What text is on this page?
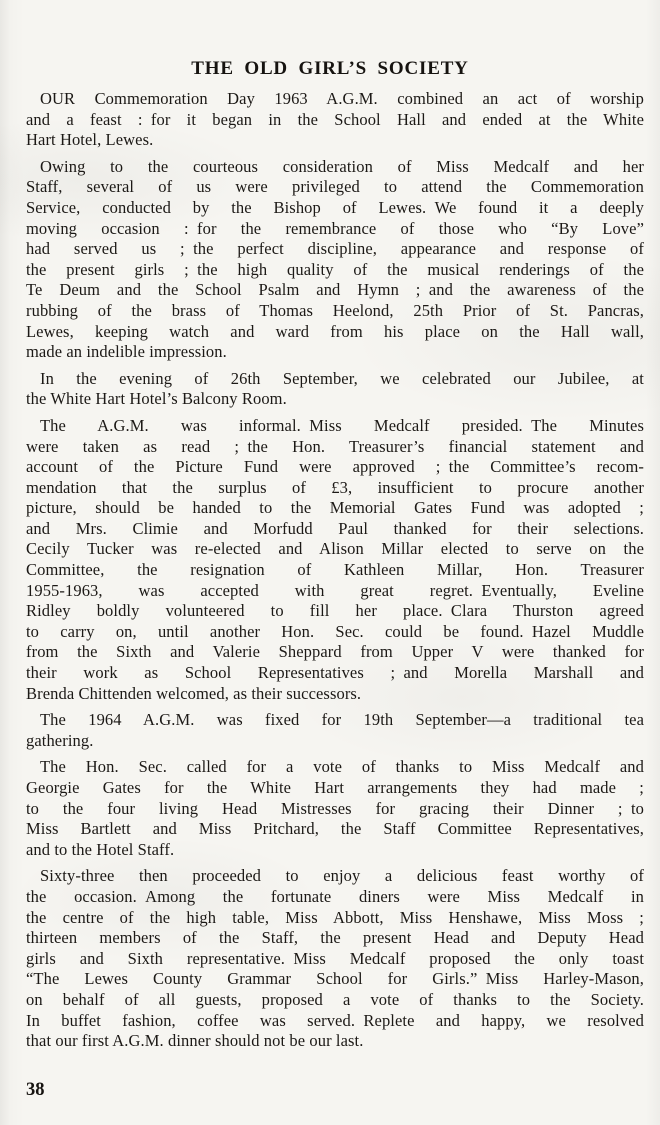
THE OLD GIRL’S SOCIETY

OUR Commemoration Day 1963 A.G.M. combined an act of worship
and a feast : for it began in the School Hall and ended at the White
Hart Hotel, Lewes.

Owing to the courteous consideration of Miss Medcalf and her
Staff, several of us were privileged to attend the Commemoration
Service, conducted by the Bishop of Lewes. We found it a deeply
moving occasion : for the remembrance of those who “By Love”
had served us ; the perfect discipline, appearance and response of
the present girls ; the high quality of the musical renderings of the
Te Deum and the School Psalm and Hymn ; and the awareness of the
rubbing of the brass of Thomas Heelond, 25th Prior of St. Pancras,
Lewes, keeping watch and ward from his place on the Hall wall,
made an indelible impression.

In the evening of 26th September, we celebrated our Jubilee, at
the White Hart Hotel’s Balcony Room.

The A.G.M. was informal. Miss Medcalf presided. The Minutes
were taken as read ; the Hon. Treasurer’s financial statement and
account of the Picture Fund were approved ; the Committee’s recom-
mendation that the surplus of £3, insufficient to procure another
picture, should be handed to the Memorial Gates Fund was adopted ;
and Mrs. Climie and Morfudd Paul thanked for their selections.
Cecily Tucker was re-elected and Alison Millar elected to serve on the
Committee, the resignation of Kathleen Millar, Hon. Treasurer
1955-1963, was accepted with great regret. Eventually, Eveline
Ridley boldly volunteered to fill her place. Clara Thurston agreed
to carry on, until another Hon. Sec. could be found. Hazel Muddle
from the Sixth and Valerie Sheppard from Upper V were thanked for
their work as School Representatives ; and Morella Marshall and
Brenda Chittenden welcomed, as their successors.

The 1964 A.G.M. was fixed for 19th September—a traditional tea
gathering.

The Hon. Sec. called for a vote of thanks to Miss Medcalf and
Georgie Gates for the White Hart arrangements they had made ;
to the four living Head Mistresses for gracing their Dinner ; to
Miss Bartlett and Miss Pritchard, the Staff Committee Representatives,
and to the Hotel Staff.

Sixty-three then proceeded to enjoy a delicious feast worthy of
the occasion. Among the fortunate diners were Miss Medcalf in
the centre of the high table, Miss Abbott, Miss Henshawe, Miss Moss ;
thirteen members of the Staff, the present Head and Deputy Head
girls and Sixth representative. Miss Medcalf proposed the only toast
“The Lewes County Grammar School for Girls.” Miss Harley-Mason,
on behalf of all guests, proposed a vote of thanks to the Society.
In buffet fashion, coffee was served. Replete and happy, we resolved
that our first A.G.M. dinner should not be our last.

38
